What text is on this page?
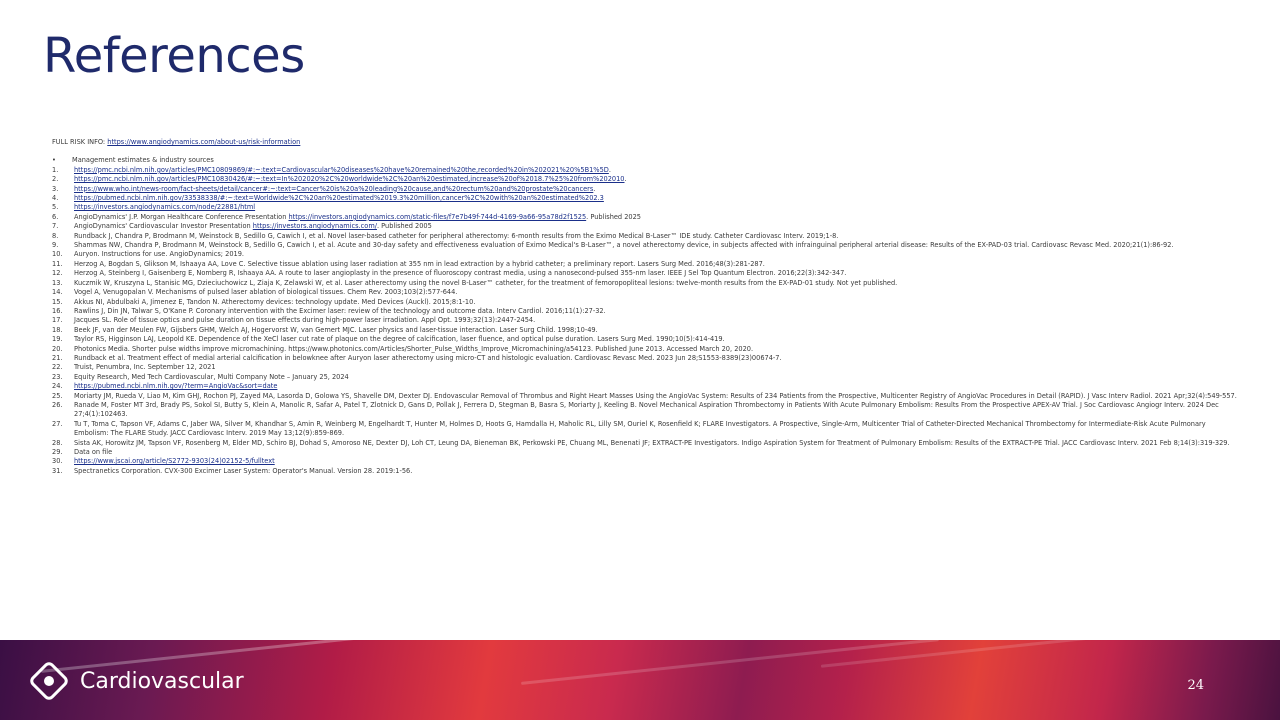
References
FULL RISK INFO: https://www.angiodynamics.com/about-us/risk-information
•	Management estimates & industry sources
1.	https://pmc.ncbi.nlm.nih.gov/articles/PMC10809869/#:~:text=Cardiovascular%20diseases%20have%20remained%20the,recorded%20in%202021%20%5B1%5D.
2.	https://pmc.ncbi.nlm.nih.gov/articles/PMC10830426/#:~:text=In%202020%2C%20worldwide%2C%20an%20estimated,increase%20of%2018.7%25%20from%202010.
3.	https://www.who.int/news-room/fact-sheets/detail/cancer#:~:text=Cancer%20is%20a%20leading%20cause,and%20rectum%20and%20prostate%20cancers.
4.	https://pubmed.ncbi.nlm.nih.gov/33538338/#:~:text=Worldwide%2C%20an%20estimated%2019.3%20million,cancer%2C%20with%20an%20estimated%202.3
5.	https://investors.angiodynamics.com/node/22881/html
6.	AngioDynamics' J.P. Morgan Healthcare Conference Presentation https://investors.angiodynamics.com/static-files/f7e7b49f-744d-4169-9a66-95a78d2f1525. Published 2025
7.	AngioDynamics' Cardiovascular Investor Presentation https://investors.angiodynamics.com/. Published 2005
8.	Rundback J, Chandra P, Brodmann M, Weinstock B, Sedillo G, Cawich I, et al. Novel laser-based catheter for peripheral atherectomy: 6-month results from the Eximo Medical B-Laser™ IDE study. Catheter Cardiovasc Interv. 2019;1-8.
9.	Shammas NW, Chandra P, Brodmann M, Weinstock B, Sedillo G, Cawich I, et al. Acute and 30-day safety and effectiveness evaluation of Eximo Medical's B-Laser™, a novel atherectomy device, in subjects affected with infrainguinal peripheral arterial disease: Results of the EX-PAD-03 trial. Cardiovasc Revasc Med. 2020;21(1):86-92.
10.	Auryon. Instructions for use. AngioDynamics; 2019.
11.	Herzog A, Bogdan S, Glikson M, Ishaaya AA, Love C. Selective tissue ablation using laser radiation at 355 nm in lead extraction by a hybrid catheter; a preliminary report. Lasers Surg Med. 2016;48(3):281-287.
12.	Herzog A, Steinberg I, Gaisenberg E, Nomberg R, Ishaaya AA. A route to laser angioplasty in the presence of fluoroscopy contrast media, using a nanosecond-pulsed 355-nm laser. IEEE J Sel Top Quantum Electron. 2016;22(3):342-347.
13.	Kuczmik W, Kruszyna L, Stanisic MG, Dzieciuchowicz L, Ziaja K, Zelawski W, et al. Laser atherectomy using the novel B-Laser™ catheter, for the treatment of femoropopliteal lesions: twelve-month results from the EX-PAD-01 study. Not yet published.
14.	Vogel A, Venugopalan V. Mechanisms of pulsed laser ablation of biological tissues. Chem Rev. 2003;103(2):577-644.
15.	Akkus NI, Abdulbaki A, Jimenez E, Tandon N. Atherectomy devices: technology update. Med Devices (Auckl). 2015;8:1-10.
16.	Rawlins J, Din JN, Talwar S, O'Kane P. Coronary intervention with the Excimer laser: review of the technology and outcome data. Interv Cardiol. 2016;11(1):27-32.
17.	Jacques SL. Role of tissue optics and pulse duration on tissue effects during high-power laser irradiation. Appl Opt. 1993;32(13):2447-2454.
18.	Beek JF, van der Meulen FW, Gijsbers GHM, Welch AJ, Hogervorst W, van Gemert MJC. Laser physics and laser-tissue interaction. Laser Surg Child. 1998;10-49.
19.	Taylor RS, Higginson LAJ, Leopold KE. Dependence of the XeCl laser cut rate of plaque on the degree of calcification, laser fluence, and optical pulse duration. Lasers Surg Med. 1990;10(5):414-419.
20.	Photonics Media. Shorter pulse widths improve micromachining. https://www.photonics.com/Articles/Shorter_Pulse_Widths_Improve_Micromachining/a54123. Published June 2013. Accessed March 20, 2020.
21.	Rundback et al. Treatment effect of medial arterial calcification in belowknee after Auryon laser atherectomy using micro-CT and histologic evaluation. Cardiovasc Revasc Med. 2023 Jun 28;S1553-8389(23)00674-7.
22.	Truist, Penumbra, Inc. September 12, 2021
23.	Equity Research, Med Tech Cardiovascular, Multi Company Note – January 25, 2024
24.	https://pubmed.ncbi.nlm.nih.gov/?term=AngioVac&sort=date
25.	Moriarty JM, Rueda V, Liao M, Kim GHJ, Rochon PJ, Zayed MA, Lasorda D, Golowa YS, Shavelle DM, Dexter DJ. Endovascular Removal of Thrombus and Right Heart Masses Using the AngioVac System: Results of 234 Patients from the Prospective, Multicenter Registry of AngioVac Procedures in Detail (RAPID). J Vasc Interv Radiol. 2021 Apr;32(4):549-557.
26.	Ranade M, Foster MT 3rd, Brady PS, Sokol SI, Butty S, Klein A, Manolic R, Safar A, Patel T, Zlotnick D, Gans D, Pollak J, Ferrera D, Stegman B, Basra S, Moriarty J, Keeling B. Novel Mechanical Aspiration Thrombectomy in Patients With Acute Pulmonary Embolism: Results From the Prospective APEX-AV Trial. J Soc Cardiovasc Angiogr Interv. 2024 Dec 27;4(1):102463.
27.	Tu T, Toma C, Tapson VF, Adams C, Jaber WA, Silver M, Khandhar S, Amin R, Weinberg M, Engelhardt T, Hunter M, Holmes D, Hoots G, Hamdalla H, Maholic RL, Lilly SM, Ouriel K, Rosenfield K; FLARE Investigators. A Prospective, Single-Arm, Multicenter Trial of Catheter-Directed Mechanical Thrombectomy for Intermediate-Risk Acute Pulmonary Embolism: The FLARE Study. JACC Cardiovasc Interv. 2019 May 13;12(9):859-869.
28.	Sista AK, Horowitz JM, Tapson VF, Rosenberg M, Elder MD, Schiro BJ, Dohad S, Amoroso NE, Dexter DJ, Loh CT, Leung DA, Bieneman BK, Perkowski PE, Chuang ML, Benenati JF; EXTRACT-PE Investigators. Indigo Aspiration System for Treatment of Pulmonary Embolism: Results of the EXTRACT-PE Trial. JACC Cardiovasc Interv. 2021 Feb 8;14(3):319-329.
29.	Data on file
30.	https://www.jscai.org/article/S2772-9303(24)02152-5/fulltext
31.	Spectranetics Corporation. CVX-300 Excimer Laser System: Operator's Manual. Version 28. 2019:1-56.
Cardiovascular	24
